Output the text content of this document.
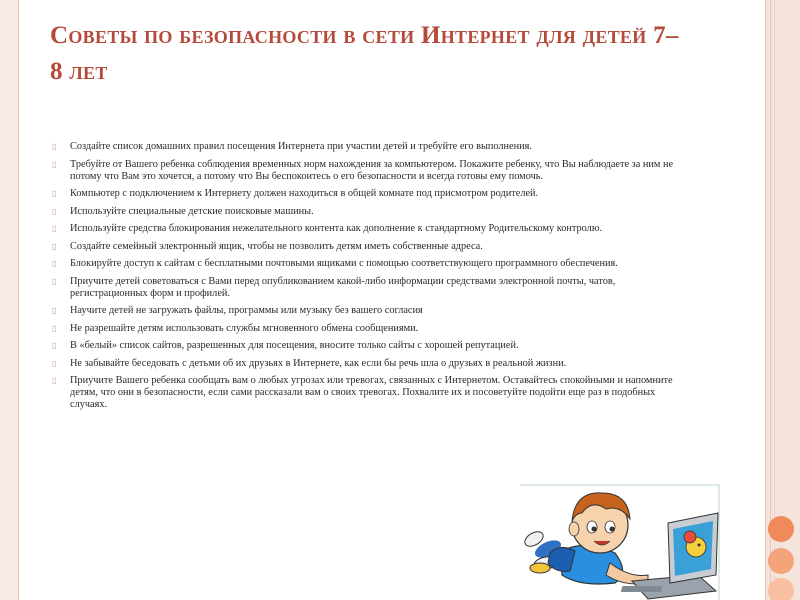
Советы по безопасности в сети Интернет для детей 7–8 лет
▯	Создайте список домашних правил посещения Интернета при участии детей и требуйте его выполнения.
▯	Требуйте от Вашего ребенка соблюдения временных норм нахождения за компьютером. Покажите ребенку, что Вы наблюдаете за ним не потому что Вам это хочется, а потому что Вы беспокоитесь о его безопасности и всегда готовы ему помочь.
▯	Компьютер с подключением к Интернету должен находиться в общей комнате под присмотром родителей.
▯	Используйте специальные детские поисковые машины.
▯	Используйте средства блокирования нежелательного контента как дополнение к стандартному Родительскому контролю.
▯	Создайте семейный электронный ящик, чтобы не позволить детям иметь собственные адреса.
▯	Блокируйте доступ к сайтам с бесплатными почтовыми ящиками с помощью соответствующего программного обеспечения.
▯	Приучите детей советоваться с Вами перед опубликованием какой-либо информации средствами электронной почты, чатов, регистрационных форм и профилей.
▯	Научите детей не загружать файлы, программы или музыку без вашего согласия
▯	Не разрешайте детям использовать службы мгновенного обмена сообщениями.
▯	В «белый» список сайтов, разрешенных для посещения, вносите только сайты с хорошей репутацией.
▯	Не забывайте беседовать с детьми об их друзьях в Интернете, как если бы речь шла о друзьях в реальной жизни.
▯	Приучите Вашего ребенка сообщать вам о любых угрозах или тревогах, связанных с Интернетом. Оставайтесь спокойными и напомните детям, что они в безопасности, если сами рассказали вам о своих тревогах. Похвалите их и посоветуйте подойти еще раз в подобных случаях.
